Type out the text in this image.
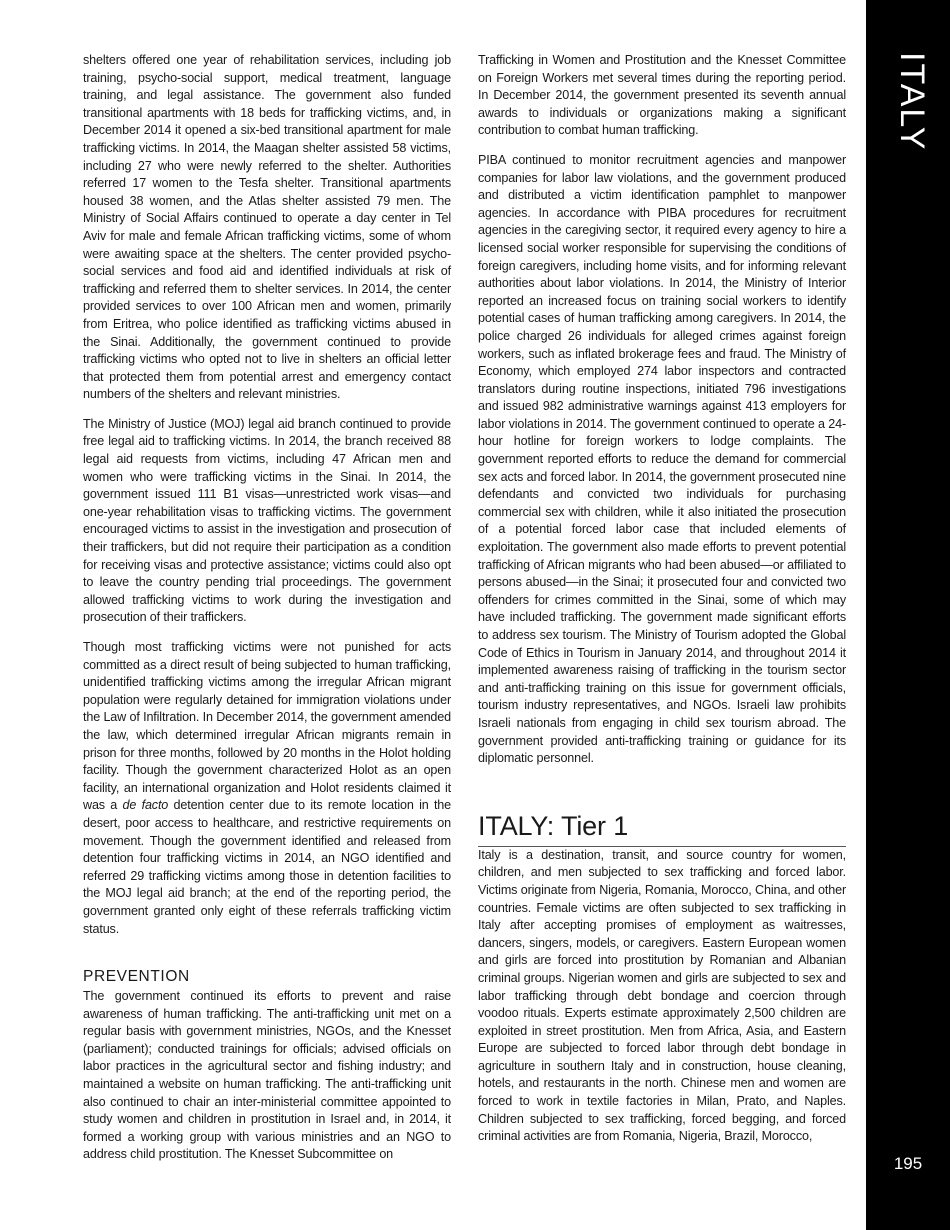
shelters offered one year of rehabilitation services, including job training, psycho-social support, medical treatment, language training, and legal assistance. The government also funded transitional apartments with 18 beds for trafficking victims, and, in December 2014 it opened a six-bed transitional apartment for male trafficking victims. In 2014, the Maagan shelter assisted 58 victims, including 27 who were newly referred to the shelter. Authorities referred 17 women to the Tesfa shelter. Transitional apartments housed 38 women, and the Atlas shelter assisted 79 men. The Ministry of Social Affairs continued to operate a day center in Tel Aviv for male and female African trafficking victims, some of whom were awaiting space at the shelters. The center provided psycho-social services and food aid and identified individuals at risk of trafficking and referred them to shelter services. In 2014, the center provided services to over 100 African men and women, primarily from Eritrea, who police identified as trafficking victims abused in the Sinai. Additionally, the government continued to provide trafficking victims who opted not to live in shelters an official letter that protected them from potential arrest and emergency contact numbers of the shelters and relevant ministries.

The Ministry of Justice (MOJ) legal aid branch continued to provide free legal aid to trafficking victims. In 2014, the branch received 88 legal aid requests from victims, including 47 African men and women who were trafficking victims in the Sinai. In 2014, the government issued 111 B1 visas—unrestricted work visas—and one-year rehabilitation visas to trafficking victims. The government encouraged victims to assist in the investigation and prosecution of their traffickers, but did not require their participation as a condition for receiving visas and protective assistance; victims could also opt to leave the country pending trial proceedings. The government allowed trafficking victims to work during the investigation and prosecution of their traffickers.

Though most trafficking victims were not punished for acts committed as a direct result of being subjected to human trafficking, unidentified trafficking victims among the irregular African migrant population were regularly detained for immigration violations under the Law of Infiltration. In December 2014, the government amended the law, which determined irregular African migrants remain in prison for three months, followed by 20 months in the Holot holding facility. Though the government characterized Holot as an open facility, an international organization and Holot residents claimed it was a de facto detention center due to its remote location in the desert, poor access to healthcare, and restrictive requirements on movement. Though the government identified and released from detention four trafficking victims in 2014, an NGO identified and referred 29 trafficking victims among those in detention facilities to the MOJ legal aid branch; at the end of the reporting period, the government granted only eight of these referrals trafficking victim status.

PREVENTION

The government continued its efforts to prevent and raise awareness of human trafficking. The anti-trafficking unit met on a regular basis with government ministries, NGOs, and the Knesset (parliament); conducted trainings for officials; advised officials on labor practices in the agricultural sector and fishing industry; and maintained a website on human trafficking. The anti-trafficking unit also continued to chair an inter-ministerial committee appointed to study women and children in prostitution in Israel and, in 2014, it formed a working group with various ministries and an NGO to address child prostitution. The Knesset Subcommittee on

Trafficking in Women and Prostitution and the Knesset Committee on Foreign Workers met several times during the reporting period. In December 2014, the government presented its seventh annual awards to individuals or organizations making a significant contribution to combat human trafficking.

PIBA continued to monitor recruitment agencies and manpower companies for labor law violations, and the government produced and distributed a victim identification pamphlet to manpower agencies. In accordance with PIBA procedures for recruitment agencies in the caregiving sector, it required every agency to hire a licensed social worker responsible for supervising the conditions of foreign caregivers, including home visits, and for informing relevant authorities about labor violations. In 2014, the Ministry of Interior reported an increased focus on training social workers to identify potential cases of human trafficking among caregivers. In 2014, the police charged 26 individuals for alleged crimes against foreign workers, such as inflated brokerage fees and fraud. The Ministry of Economy, which employed 274 labor inspectors and contracted translators during routine inspections, initiated 796 investigations and issued 982 administrative warnings against 413 employers for labor violations in 2014. The government continued to operate a 24-hour hotline for foreign workers to lodge complaints. The government reported efforts to reduce the demand for commercial sex acts and forced labor. In 2014, the government prosecuted nine defendants and convicted two individuals for purchasing commercial sex with children, while it also initiated the prosecution of a potential forced labor case that included elements of exploitation. The government also made efforts to prevent potential trafficking of African migrants who had been abused—or affiliated to persons abused—in the Sinai; it prosecuted four and convicted two offenders for crimes committed in the Sinai, some of which may have included trafficking. The government made significant efforts to address sex tourism. The Ministry of Tourism adopted the Global Code of Ethics in Tourism in January 2014, and throughout 2014 it implemented awareness raising of trafficking in the tourism sector and anti-trafficking training on this issue for government officials, tourism industry representatives, and NGOs. Israeli law prohibits Israeli nationals from engaging in child sex tourism abroad. The government provided anti-trafficking training or guidance for its diplomatic personnel.

ITALY: Tier 1

Italy is a destination, transit, and source country for women, children, and men subjected to sex trafficking and forced labor. Victims originate from Nigeria, Romania, Morocco, China, and other countries. Female victims are often subjected to sex trafficking in Italy after accepting promises of employment as waitresses, dancers, singers, models, or caregivers. Eastern European women and girls are forced into prostitution by Romanian and Albanian criminal groups. Nigerian women and girls are subjected to sex and labor trafficking through debt bondage and coercion through voodoo rituals. Experts estimate approximately 2,500 children are exploited in street prostitution. Men from Africa, Asia, and Eastern Europe are subjected to forced labor through debt bondage in agriculture in southern Italy and in construction, house cleaning, hotels, and restaurants in the north. Chinese men and women are forced to work in textile factories in Milan, Prato, and Naples. Children subjected to sex trafficking, forced begging, and forced criminal activities are from Romania, Nigeria, Brazil, Morocco,

ITALY
195
